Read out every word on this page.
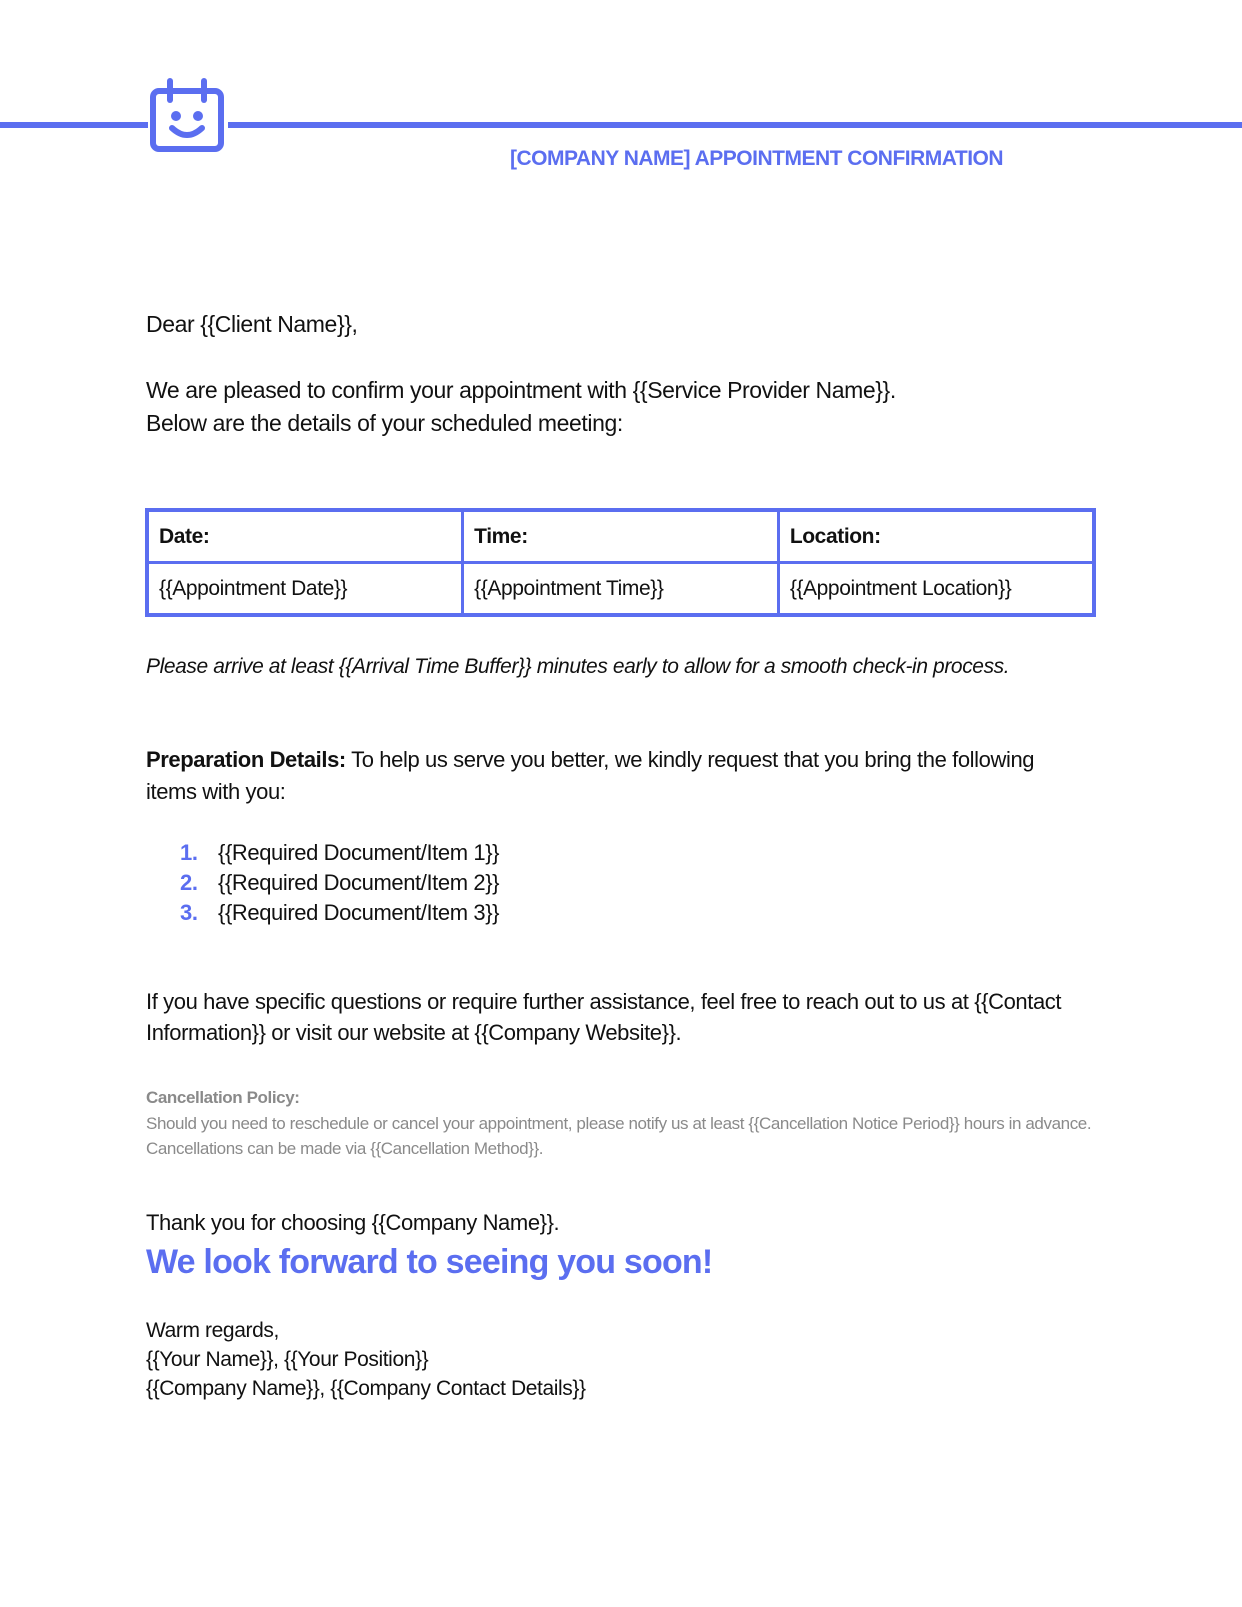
[COMPANY NAME] APPOINTMENT CONFIRMATION
Dear {{Client Name}},
We are pleased to confirm your appointment with {{Service Provider Name}}.
Below are the details of your scheduled meeting:
Date:	Time:	Location:
{{Appointment Date}}	{{Appointment Time}}	{{Appointment Location}}
Please arrive at least {{Arrival Time Buffer}} minutes early to allow for a smooth check-in process.
Preparation Details: To help us serve you better, we kindly request that you bring the following items with you:
1. {{Required Document/Item 1}}
2. {{Required Document/Item 2}}
3. {{Required Document/Item 3}}
If you have specific questions or require further assistance, feel free to reach out to us at {{Contact Information}} or visit our website at {{Company Website}}.
Cancellation Policy:
Should you need to reschedule or cancel your appointment, please notify us at least {{Cancellation Notice Period}} hours in advance. Cancellations can be made via {{Cancellation Method}}.
Thank you for choosing {{Company Name}}.
We look forward to seeing you soon!
Warm regards,
{{Your Name}}, {{Your Position}}
{{Company Name}}, {{Company Contact Details}}
